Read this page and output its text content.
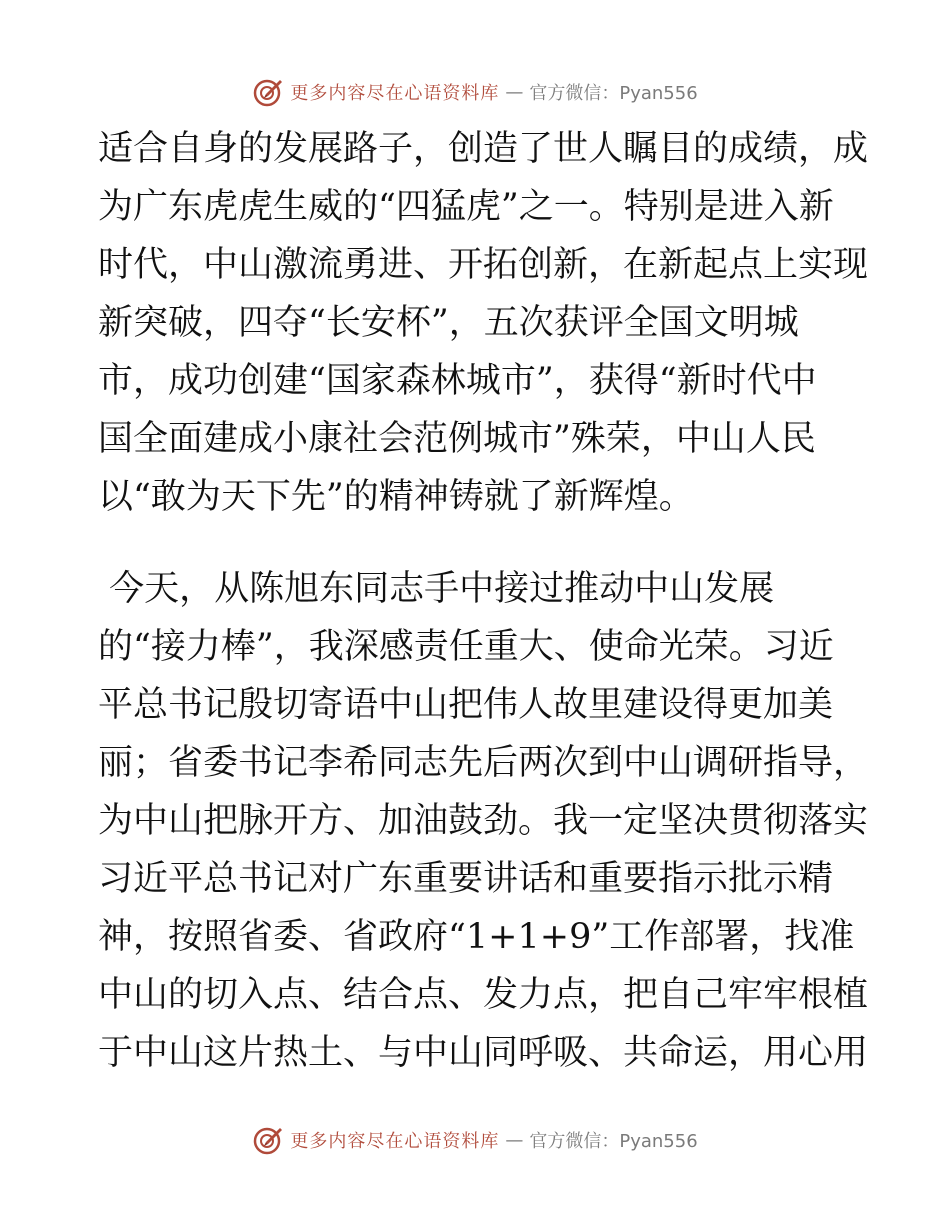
更多内容尽在心语资料库 — 官方微信：Pyan556
适合自身的发展路子，创造了世人瞩目的成绩，成
为广东虎虎生威的“四猛虎”之一。特别是进入新
时代，中山激流勇进、开拓创新，在新起点上实现
新突破，四夺“长安杯”，五次获评全国文明城
市，成功创建“国家森林城市”，获得“新时代中
国全面建成小康社会范例城市”殊荣，中山人民
以“敢为天下先”的精神铸就了新辉煌。
今天，从陈旭东同志手中接过推动中山发展
的“接力棒”，我深感责任重大、使命光荣。习近
平总书记殷切寄语中山把伟人故里建设得更加美
丽；省委书记李希同志先后两次到中山调研指导，
为中山把脉开方、加油鼓劲。我一定坚决贯彻落实
习近平总书记对广东重要讲话和重要指示批示精
神，按照省委、省政府“1+1+9”工作部署，找准
中山的切入点、结合点、发力点，把自己牢牢根植
于中山这片热土、与中山同呼吸、共命运，用心用
更多内容尽在心语资料库 — 官方微信：Pyan556
